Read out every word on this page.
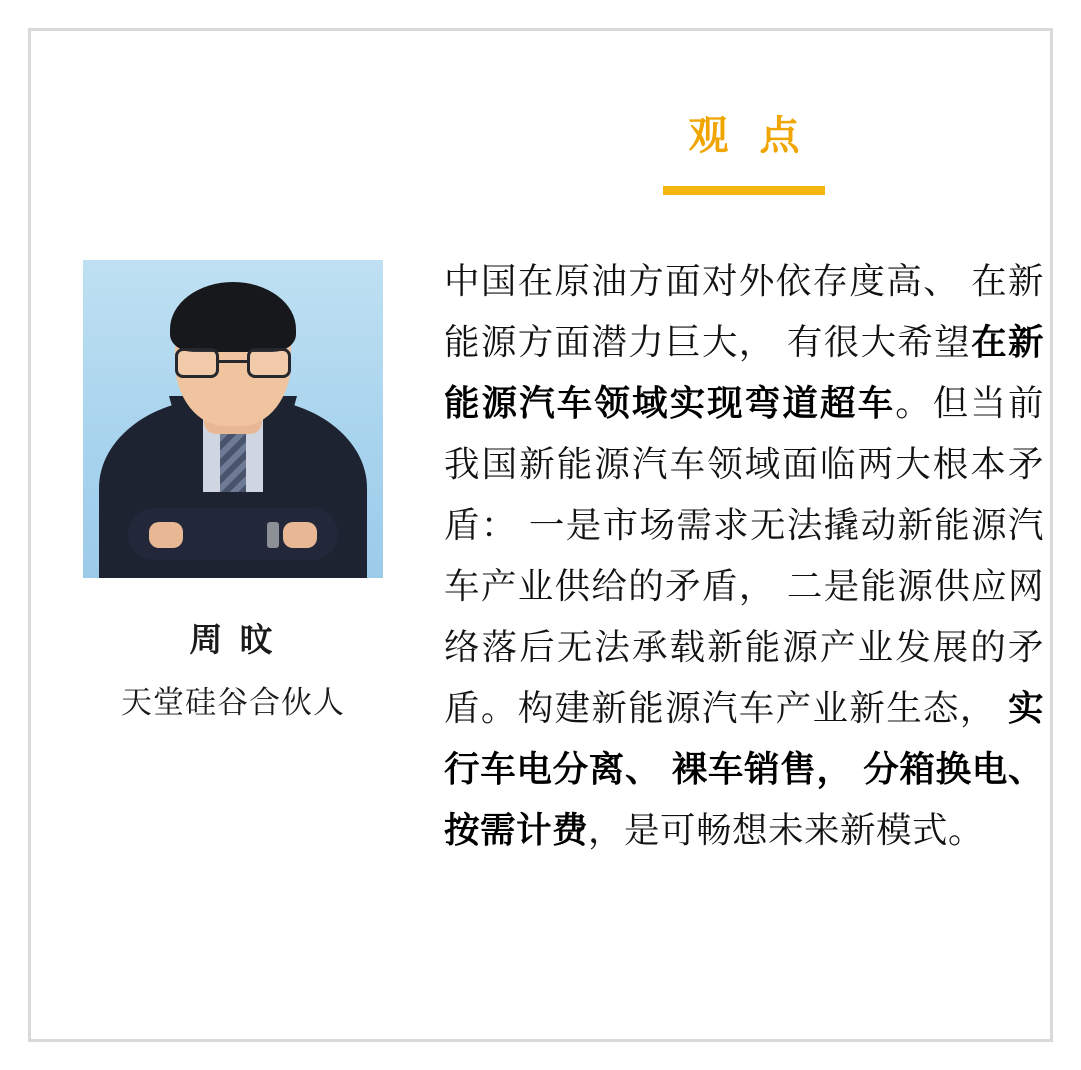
周 旼
天堂硅谷合伙人
观 点
中国在原油方面对外依存度高、 在新能源方面潜力巨大， 有很大希望在新能源汽车领域实现弯道超车。但当前我国新能源汽车领域面临两大根本矛盾： 一是市场需求无法撬动新能源汽车产业供给的矛盾， 二是能源供应网络落后无法承载新能源产业发展的矛盾。构建新能源汽车产业新生态， 实行车电分离、 裸车销售， 分箱换电、 按需计费，是可畅想未来新模式。
